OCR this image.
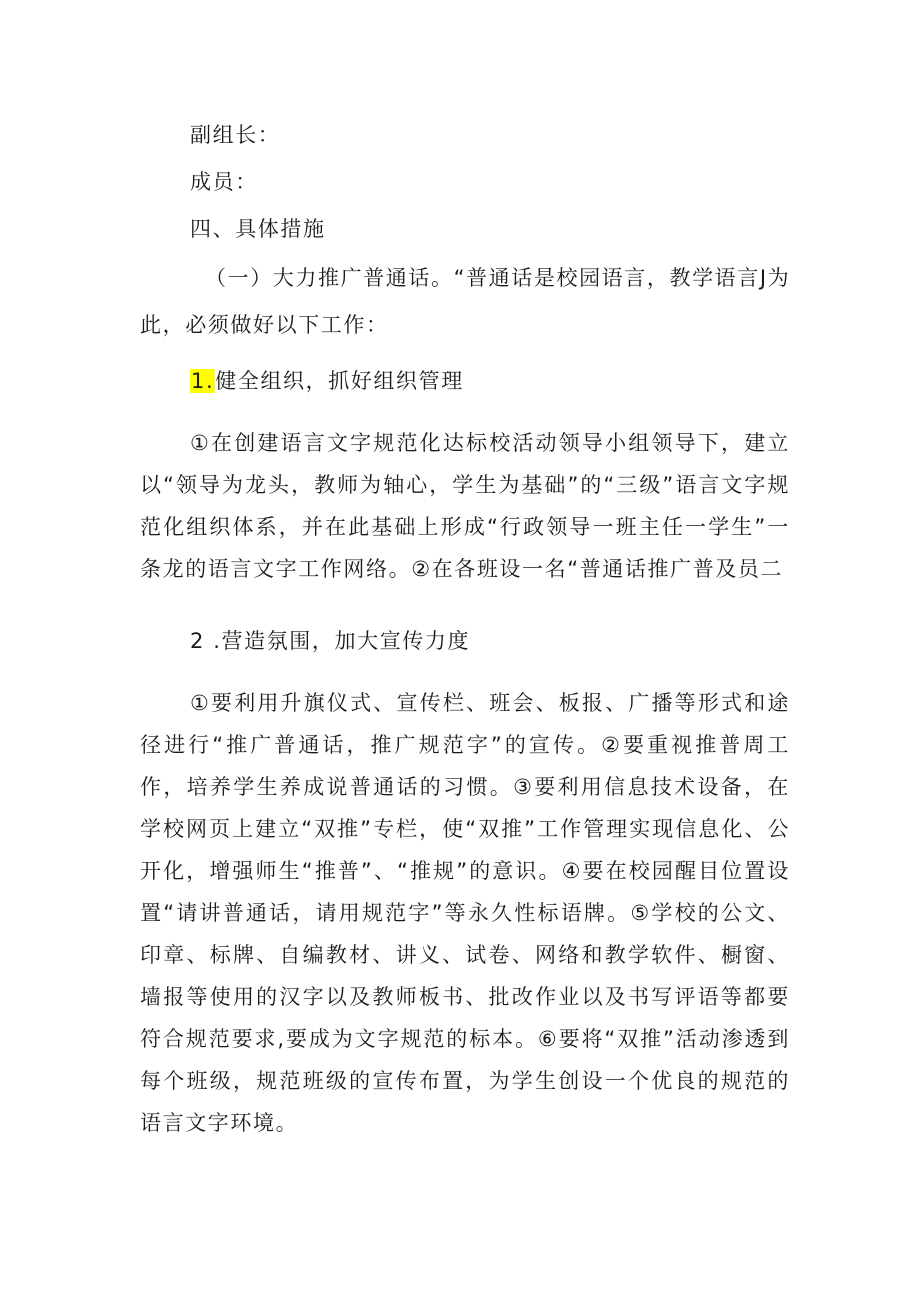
副组长：
成员：
四、具体措施
（一）大力推广普通话。“普通话是校园语言，教学语言J为
此，必须做好以下工作：
1.健全组织，抓好组织管理

①在创建语言文字规范化达标校活动领导小组领导下，建立以“领导为龙头，教师为轴心，学生为基础”的“三级”语言文字规范化组织体系，并在此基础上形成“行政领导一班主任一学生”一条龙的语言文字工作网络。②在各班设一名“普通话推广普及员二

2 .营造氛围，加大宣传力度

①要利用升旗仪式、宣传栏、班会、板报、广播等形式和途径进行“推广普通话，推广规范字”的宣传。②要重视推普周工作，培养学生养成说普通话的习惯。③要利用信息技术设备，在学校网页上建立“双推”专栏，使“双推”工作管理实现信息化、公开化，增强师生“推普”、“推规”的意识。④要在校园醒目位置设置“请讲普通话，请用规范字”等永久性标语牌。⑤学校的公文、印章、标牌、自编教材、讲义、试卷、网络和教学软件、橱窗、墙报等使用的汉字以及教师板书、批改作业以及书写评语等都要符合规范要求,要成为文字规范的标本。⑥要将“双推”活动渗透到每个班级，规范班级的宣传布置，为学生创设一个优良的规范的语言文字环境。
